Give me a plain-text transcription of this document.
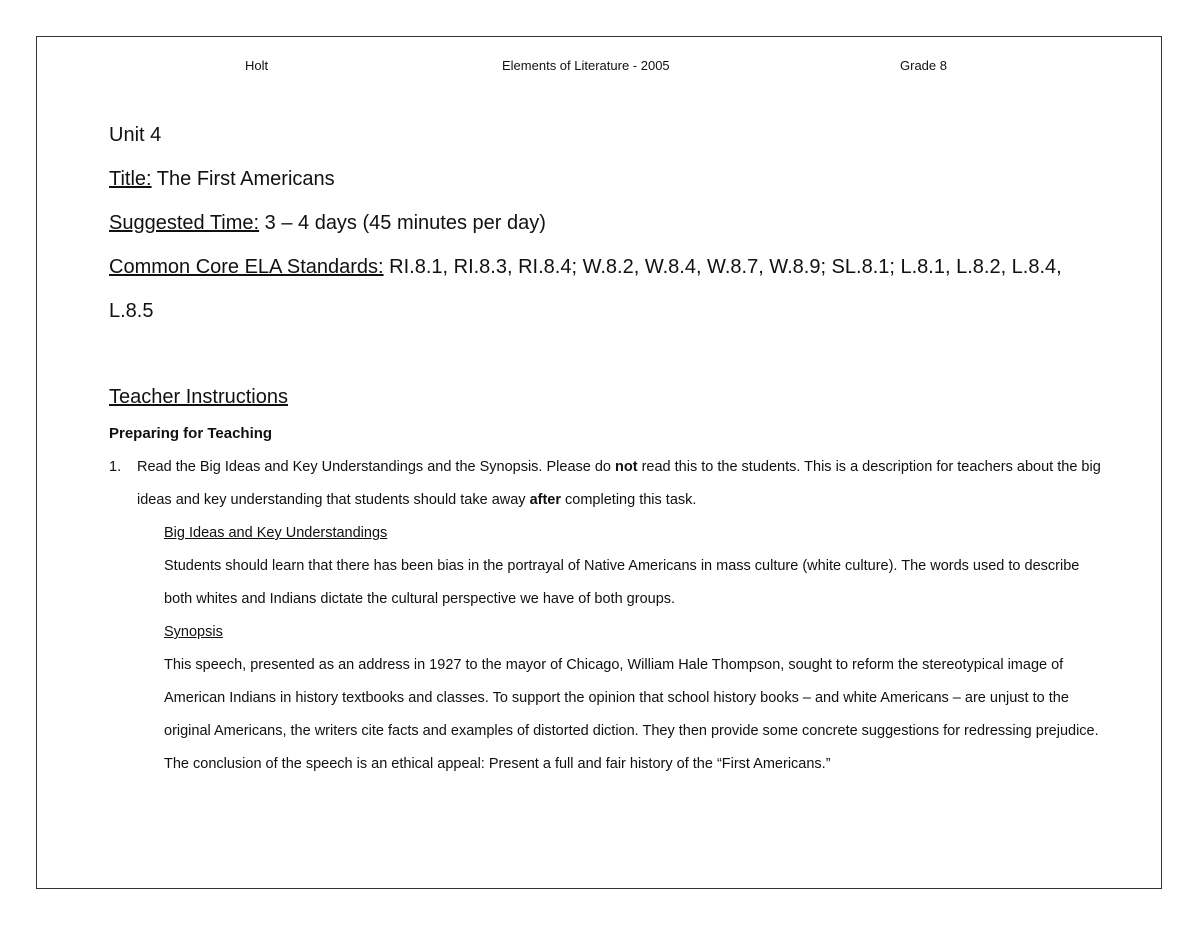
Holt	Elements of Literature - 2005	Grade 8
Unit 4
Title: The First Americans
Suggested Time: 3 – 4 days (45 minutes per day)
Common Core ELA Standards: RI.8.1, RI.8.3, RI.8.4; W.8.2, W.8.4, W.8.7, W.8.9; SL.8.1; L.8.1, L.8.2, L.8.4, L.8.5
Teacher Instructions
Preparing for Teaching
1. Read the Big Ideas and Key Understandings and the Synopsis. Please do not read this to the students. This is a description for teachers about the big ideas and key understanding that students should take away after completing this task.
Big Ideas and Key Understandings
Students should learn that there has been bias in the portrayal of Native Americans in mass culture (white culture). The words used to describe both whites and Indians dictate the cultural perspective we have of both groups.
Synopsis
This speech, presented as an address in 1927 to the mayor of Chicago, William Hale Thompson, sought to reform the stereotypical image of American Indians in history textbooks and classes. To support the opinion that school history books – and white Americans – are unjust to the original Americans, the writers cite facts and examples of distorted diction. They then provide some concrete suggestions for redressing prejudice. The conclusion of the speech is an ethical appeal: Present a full and fair history of the “First Americans.”
